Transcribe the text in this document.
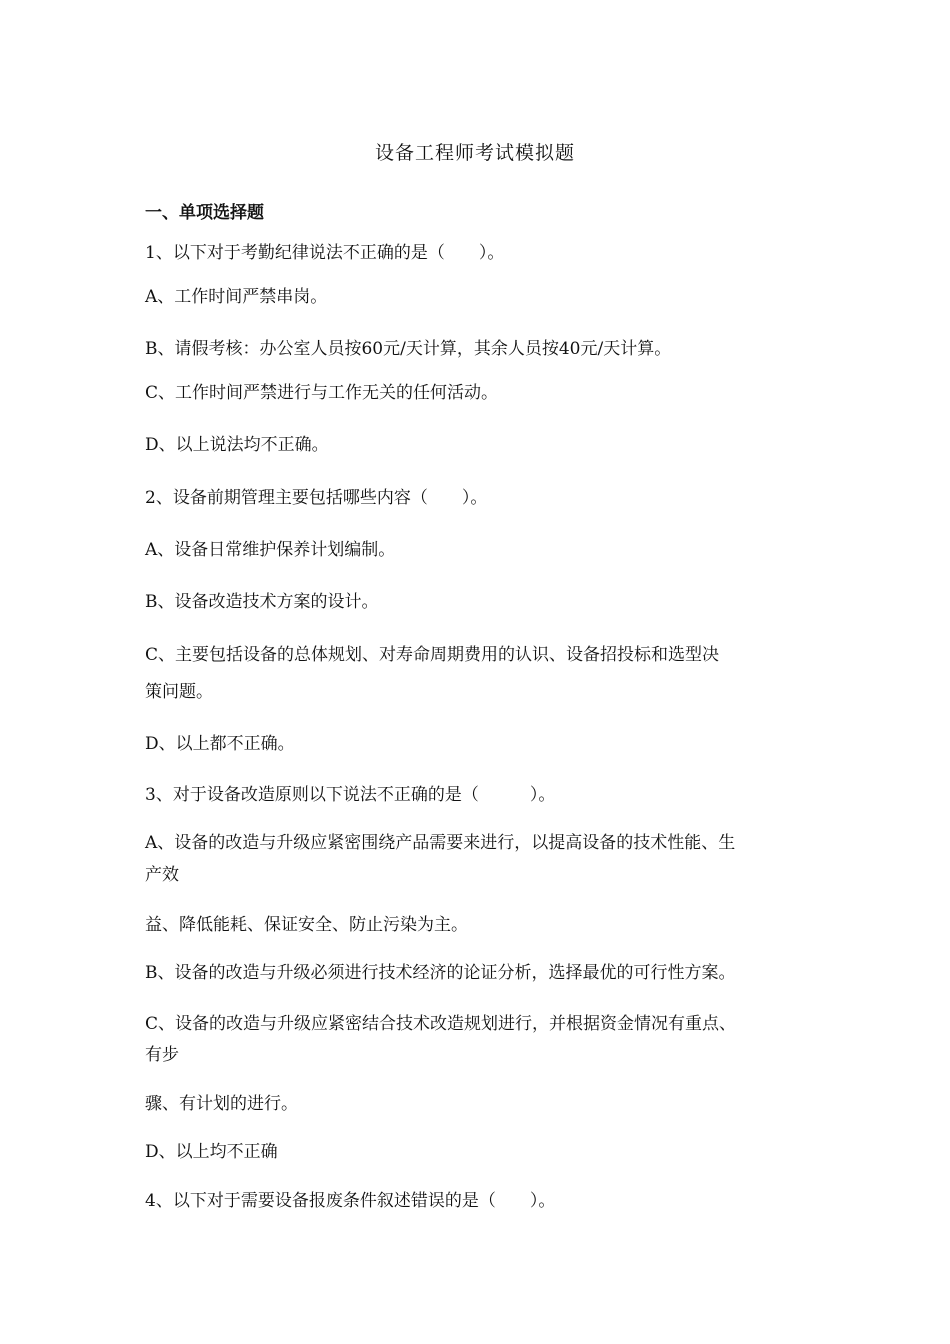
设备工程师考试模拟题
一、单项选择题
1、以下对于考勤纪律说法不正确的是（　　）。
A、工作时间严禁串岗。
B、请假考核：办公室人员按60元/天计算，其余人员按40元/天计算。
C、工作时间严禁进行与工作无关的任何活动。
D、以上说法均不正确。
2、设备前期管理主要包括哪些内容（　　）。
A、设备日常维护保养计划编制。
B、设备改造技术方案的设计。
C、主要包括设备的总体规划、对寿命周期费用的认识、设备招投标和选型决
策问题。
D、以上都不正确。
3、对于设备改造原则以下说法不正确的是（　　　）。
A、设备的改造与升级应紧密围绕产品需要来进行，以提高设备的技术性能、生
产效
益、降低能耗、保证安全、防止污染为主。
B、设备的改造与升级必须进行技术经济的论证分析，选择最优的可行性方案。
C、设备的改造与升级应紧密结合技术改造规划进行，并根据资金情况有重点、
有步
骤、有计划的进行。
D、以上均不正确
4、以下对于需要设备报废条件叙述错误的是（　　）。
